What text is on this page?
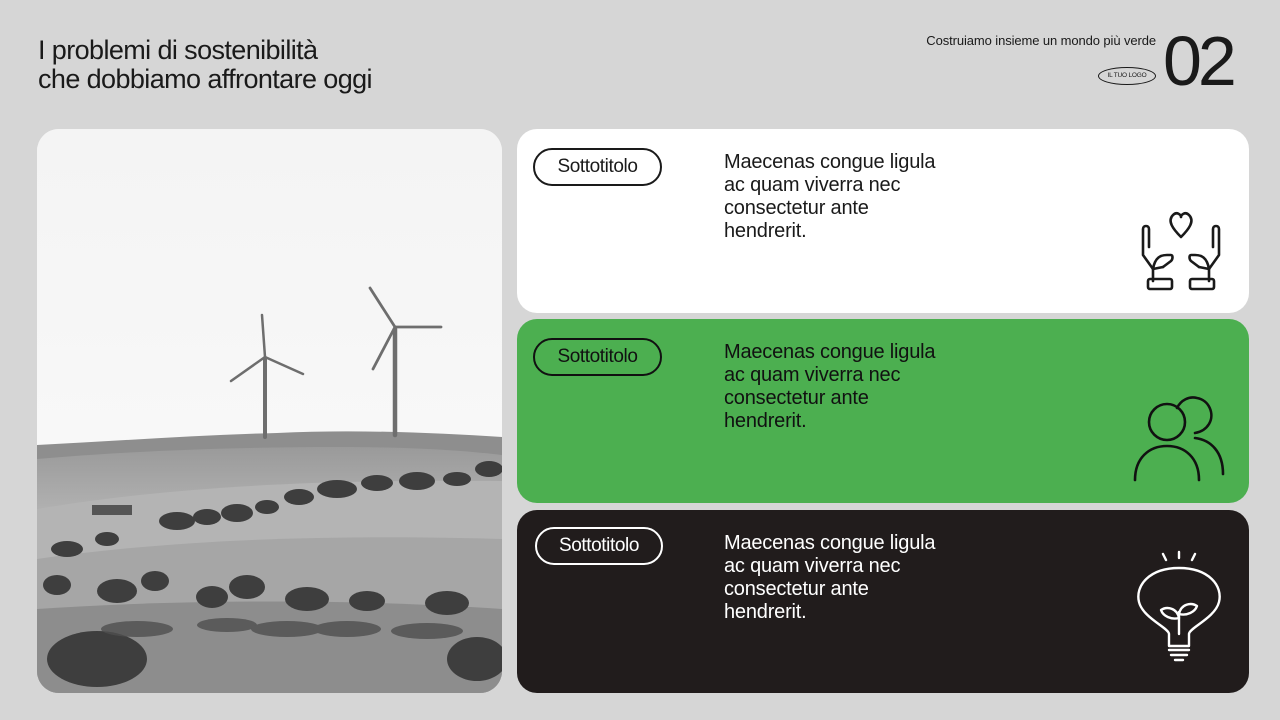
I problemi di sostenibilità
che dobbiamo affrontare oggi
Costruiamo insieme un mondo più verde
IL TUO LOGO 02
Sottotitolo	Maecenas congue ligula
ac quam viverra nec
consectetur ante
hendrerit.
Sottotitolo	Maecenas congue ligula
ac quam viverra nec
consectetur ante
hendrerit.
Sottotitolo	Maecenas congue ligula
ac quam viverra nec
consectetur ante
hendrerit.
